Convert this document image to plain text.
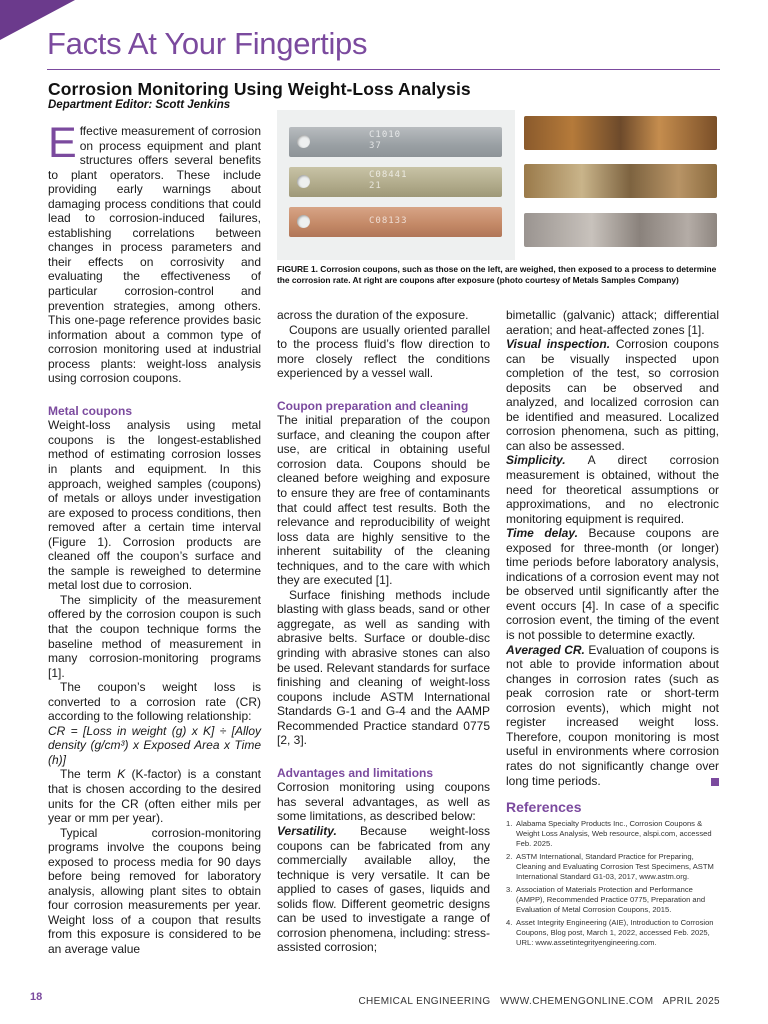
Facts At Your Fingertips
Corrosion Monitoring Using Weight-Loss Analysis
Department Editor: Scott Jenkins

Effective measurement of corrosion on process equipment and plant structures offers several benefits to plant operators. These include providing early warnings about damaging process conditions that could lead to corrosion-induced failures, establishing correlations between changes in process parameters and their effects on corrosivity and evaluating the effectiveness of particular corrosion-control and prevention strategies, among others. This one-page reference provides basic information about a common type of corrosion monitoring used at industrial process plants: weight-loss analysis using corrosion coupons.

Metal coupons

Weight-loss analysis using metal coupons is the longest-established method of estimating corrosion losses in plants and equipment. In this approach, weighed samples (coupons) of metals or alloys under investigation are exposed to process conditions, then removed after a certain time interval (Figure 1). Corrosion products are cleaned off the coupon’s surface and the sample is reweighed to determine metal lost due to corrosion.

The simplicity of the measurement offered by the corrosion coupon is such that the coupon technique forms the baseline method of measurement in many corrosion-monitoring programs [1].

The coupon’s weight loss is converted to a corrosion rate (CR) according to the following relationship:

CR = [Loss in weight (g) x K] ÷ [Alloy density (g/cm³) x Exposed Area x Time (h)]

The term K (K-factor) is a constant that is chosen according to the desired units for the CR (often either mils per year or mm per year).

Typical corrosion-monitoring programs involve the coupons being exposed to process media for 90 days before being removed for laboratory analysis, allowing plant sites to obtain four corrosion measurements per year. Weight loss of a coupon that results from this exposure is considered to be an average value

C1010
37
C08441
21
C08133
FIGURE 1. Corrosion coupons, such as those on the left, are weighed, then exposed to a process to determine the corrosion rate. At right are coupons after exposure (photo courtesy of Metals Samples Company)

across the duration of the exposure.

Coupons are usually oriented parallel to the process fluid’s flow direction to more closely reflect the conditions experienced by a vessel wall.

Coupon preparation and cleaning

The initial preparation of the coupon surface, and cleaning the coupon after use, are critical in obtaining useful corrosion data. Coupons should be cleaned before weighing and exposure to ensure they are free of contaminants that could affect test results. Both the relevance and reproducibility of weight loss data are highly sensitive to the inherent suitability of the cleaning techniques, and to the care with which they are executed [1].

Surface finishing methods include blasting with glass beads, sand or other aggregate, as well as sanding with abrasive belts. Surface or double-disc grinding with abrasive stones can also be used. Relevant standards for surface finishing and cleaning of weight-loss coupons include ASTM International Standards G-1 and G-4 and the AAMP Recommended Practice standard 0775 [2, 3].

Advantages and limitations

Corrosion monitoring using coupons has several advantages, as well as some limitations, as described below:

Versatility. Because weight-loss coupons can be fabricated from any commercially available alloy, the technique is very versatile. It can be applied to cases of gases, liquids and solids flow. Different geometric designs can be used to investigate a range of corrosion phenomena, including: stress-assisted corrosion;

bimetallic (galvanic) attack; differential aeration; and heat-affected zones [1].

Visual inspection. Corrosion coupons can be visually inspected upon completion of the test, so corrosion deposits can be observed and analyzed, and localized corrosion can be identified and measured. Localized corrosion phenomena, such as pitting, can also be assessed.

Simplicity. A direct corrosion measurement is obtained, without the need for theoretical assumptions or approximations, and no electronic monitoring equipment is required.

Time delay. Because coupons are exposed for three-month (or longer) time periods before laboratory analysis, indications of a corrosion event may not be observed until significantly after the event occurs [4]. In case of a specific corrosion event, the timing of the event is not possible to determine exactly.

Averaged CR. Evaluation of coupons is not able to provide information about changes in corrosion rates (such as peak corrosion rate or short-term corrosion events), which might not register increased weight loss. Therefore, coupon monitoring is most useful in environments where corrosion rates do not significantly change over long time periods.

References
1. Alabama Specialty Products Inc., Corrosion Coupons & Weight Loss Analysis, Web resource, alspi.com, accessed Feb. 2025.
2. ASTM International, Standard Practice for Preparing, Cleaning and Evaluating Corrosion Test Specimens, ASTM International Standard G1-03, 2017, www.astm.org.
3. Association of Materials Protection and Performance (AMPP), Recommended Practice 0775, Preparation and Evaluation of Metal Corrosion Coupons, 2015.
4. Asset Integrity Engineering (AIE), Introduction to Corrosion Coupons, Blog post, March 1, 2022, accessed Feb. 2025, URL: www.assetintegrityengineering.com.
18	CHEMICAL ENGINEERING   WWW.CHEMENGONLINE.COM   APRIL 2025
